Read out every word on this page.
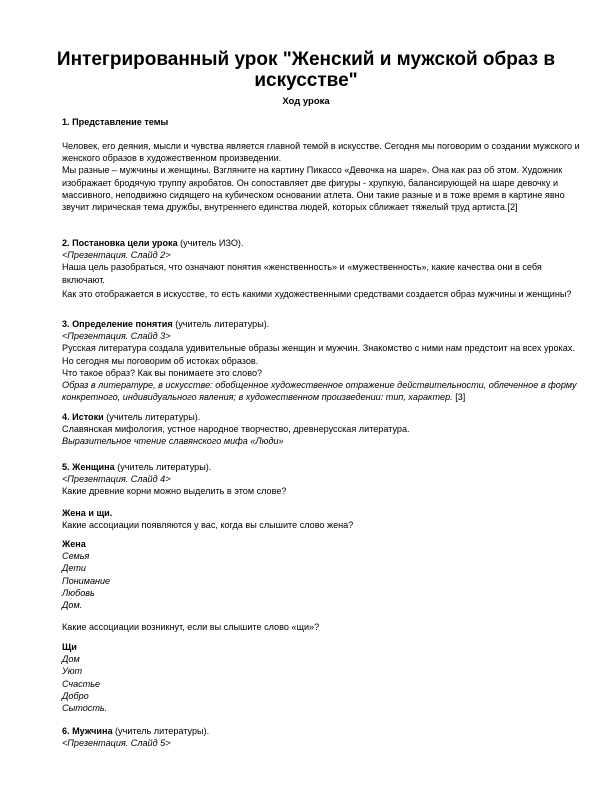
Интегрированный урок "Женский и мужской образ в искусстве"
Ход урока

1. Представление темы

Человек, его деяния, мысли и чувства является главной темой в искусстве. Сегодня мы поговорим о создании мужского и женского образов в художественном произведении.

Мы разные – мужчины и женщины. Взгляните на картину Пикассо «Девочка на шаре». Она как раз об этом. Художник изображает бродячую труппу акробатов. Он сопоставляет две фигуры - хрупкую, балансирующей на шаре девочку и массивного, неподвижно сидящего на кубическом основании атлета. Они такие разные и в тоже время в картине явно звучит лирическая тема дружбы, внутреннего единства людей, которых сближает тяжелый труд артиста.[2]

2. Постановка цели урока (учитель ИЗО).

<Презентация. Слайд 2>

Наша цель разобраться, что означают понятия «женственность» и «мужественность», какие качества они в себя включают.

Как это отображается в искусстве, то есть какими художественными средствами создается образ мужчины и женщины?

3. Определение понятия (учитель литературы).

<Презентация. Слайд 3>

Русская литература создала удивительные образы женщин и мужчин. Знакомство с ними нам предстоит на всех уроках. Но сегодня мы поговорим об истоках образов.

Что такое образ? Как вы понимаете это слово?

Образ в литературе, в искусстве: обобщенное художественное отражение действительности, облеченное в форму конкретного, индивидуального явления; в художественном произведении: тип, характер. [3]

4. Истоки (учитель литературы).

Славянская мифология, устное народное творчество, древнерусская литература.

Выразительное чтение славянского мифа «Люди»

5. Женщина (учитель литературы).

<Презентация. Слайд 4>

Какие древние корни можно выделить в этом слове?

Жена и щи.

Какие ассоциации появляются у вас, когда вы слышите слово жена?

Жена

Семья

Дети

Понимание

Любовь

Дом.

Какие ассоциации возникнут, если вы слышите слово «щи»?

Щи

Дом

Уют

Счастье

Добро

Сытость.

6. Мужчина (учитель литературы).

<Презентация. Слайд 5>
